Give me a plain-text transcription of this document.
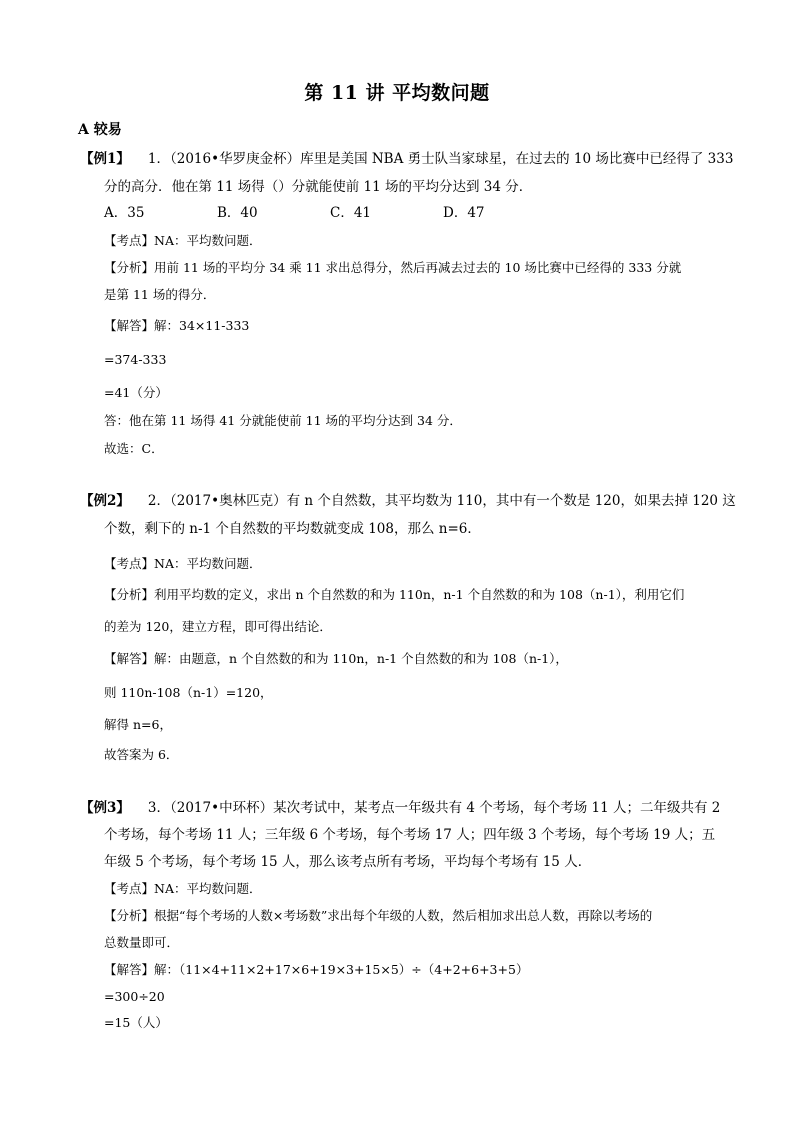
第 11 讲 平均数问题
A 较易
【例1】 1．（2016•华罗庚金杯）库里是美国 NBA 勇士队当家球星，在过去的 10 场比赛中已经得了 333
分的高分．他在第 11 场得（）分就能使前 11 场的平均分达到 34 分．
A．35	B．40	C．41	D．47
【考点】NA：平均数问题．
【分析】用前 11 场的平均分 34 乘 11 求出总得分，然后再减去过去的 10 场比赛中已经得的 333 分就
是第 11 场的得分．
【解答】解：34×11-333
=374-333
=41（分）
答：他在第 11 场得 41 分就能使前 11 场的平均分达到 34 分．
故选：C．
【例2】 2．（2017•奥林匹克）有 n 个自然数，其平均数为 110，其中有一个数是 120，如果去掉 120 这
个数，剩下的 n-1 个自然数的平均数就变成 108，那么 n=6．
【考点】NA：平均数问题．
【分析】利用平均数的定义，求出 n 个自然数的和为 110n，n-1 个自然数的和为 108（n-1），利用它们
的差为 120，建立方程，即可得出结论．
【解答】解：由题意，n 个自然数的和为 110n，n-1 个自然数的和为 108（n-1），
则 110n-108（n-1）=120，
解得 n=6，
故答案为 6．
【例3】 3．（2017•中环杯）某次考试中，某考点一年级共有 4 个考场，每个考场 11 人；二年级共有 2
个考场，每个考场 11 人；三年级 6 个考场，每个考场 17 人；四年级 3 个考场，每个考场 19 人；五
年级 5 个考场，每个考场 15 人，那么该考点所有考场，平均每个考场有 15 人．
【考点】NA：平均数问题．
【分析】根据“每个考场的人数×考场数”求出每个年级的人数，然后相加求出总人数，再除以考场的
总数量即可．
【解答】解：（11×4+11×2+17×6+19×3+15×5）÷（4+2+6+3+5）
=300÷20
=15（人）
